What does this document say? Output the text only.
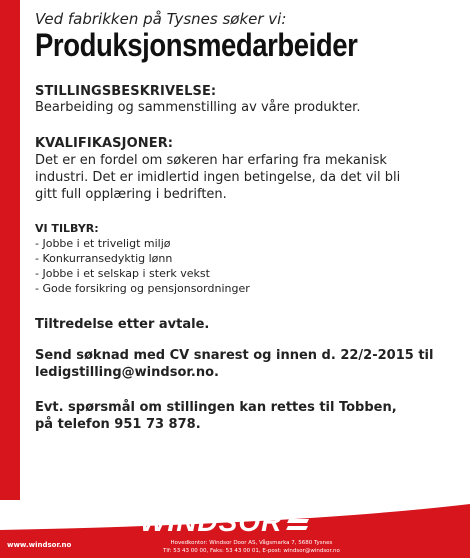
Ved fabrikken på Tysnes søker vi:
Produksjonsmedarbeider
STILLINGSBESKRIVELSE:
Bearbeiding og sammenstilling av våre produkter.
KVALIFIKASJONER:
Det er en fordel om søkeren har erfaring fra mekanisk
industri. Det er imidlertid ingen betingelse, da det vil bli
gitt full opplæring i bedriften.
VI TILBYR:
- Jobbe i et triveligt miljø
- Konkurransedyktig lønn
- Jobbe i et selskap i sterk vekst
- Gode forsikring og pensjonsordninger
Tiltredelse etter avtale.
Send søknad med CV snarest og innen d. 22/2-2015 til
ledigstilling@windsor.no.
Evt. spørsmål om stillingen kan rettes til Tobben,
på telefon 951 73 878.
WINDSOR
www.windsor.no	Hovedkontor: Windsor Door AS, Vågsmarka 7, 5680 Tysnes
Tlf: 53 43 00 00, Faks: 53 43 00 01, E-post: windsor@windsor.no
